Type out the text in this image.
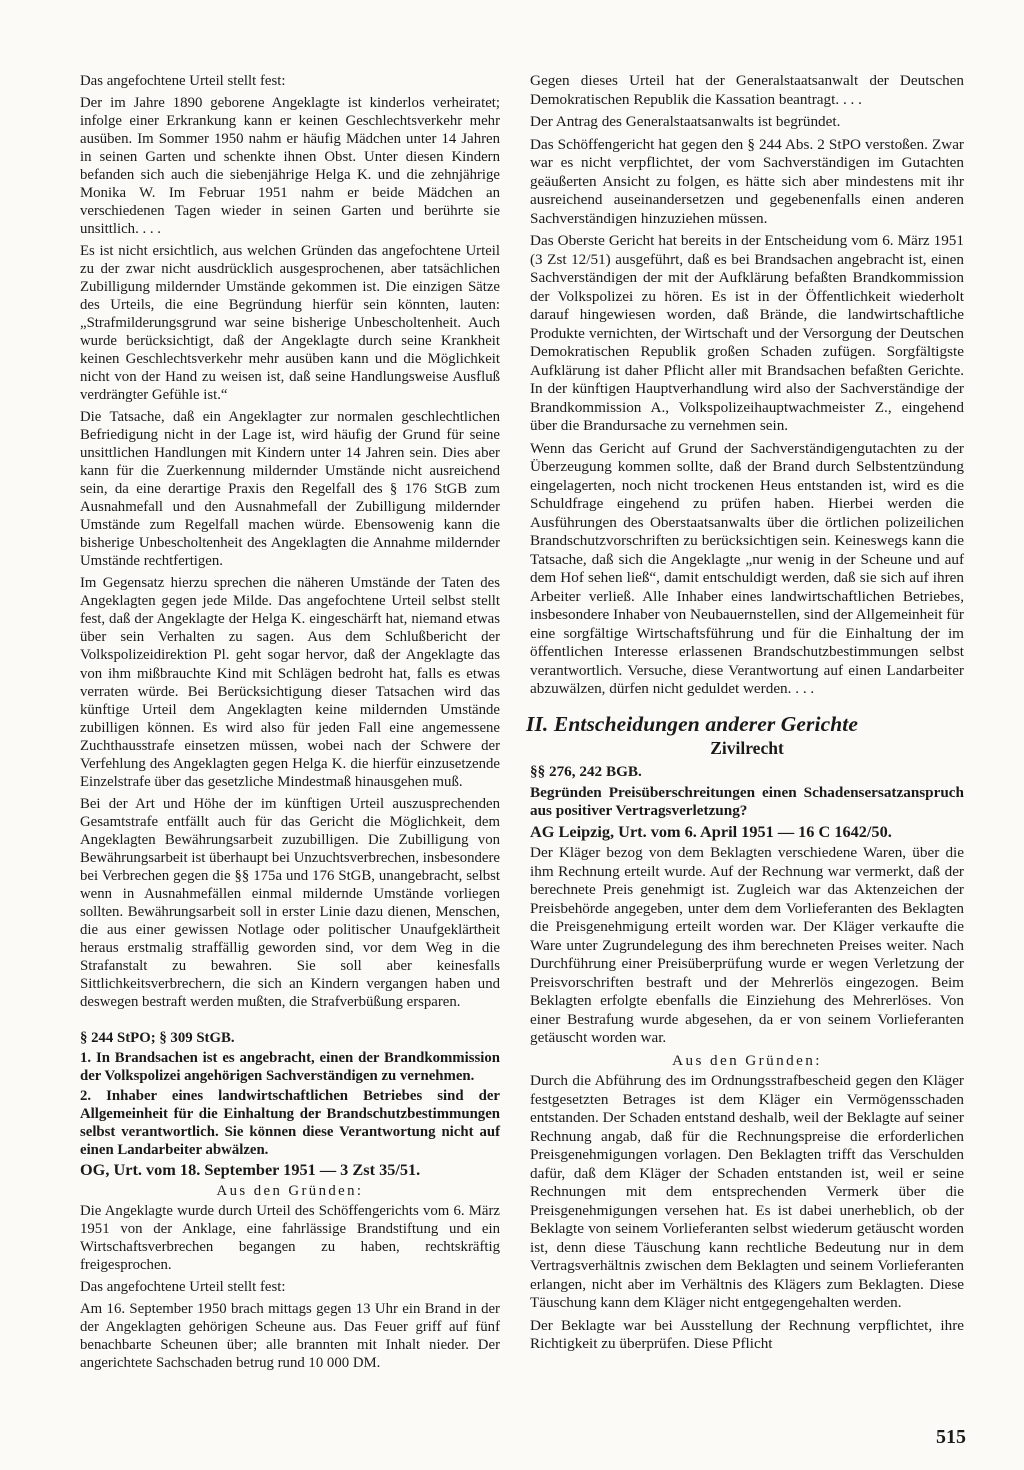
Das angefochtene Urteil stellt fest:

Der im Jahre 1890 geborene Angeklagte ist kinderlos verheiratet; infolge einer Erkrankung kann er keinen Geschlechtsverkehr mehr ausüben. Im Sommer 1950 nahm er häufig Mädchen unter 14 Jahren in seinen Garten und schenkte ihnen Obst. Unter diesen Kindern befanden sich auch die siebenjährige Helga K. und die zehnjährige Monika W. Im Februar 1951 nahm er beide Mädchen an verschiedenen Tagen wieder in seinen Garten und berührte sie unsittlich. . . .

Es ist nicht ersichtlich, aus welchen Gründen das angefochtene Urteil zu der zwar nicht ausdrücklich ausgesprochenen, aber tatsächlichen Zubilligung mildernder Umstände gekommen ist. Die einzigen Sätze des Urteils, die eine Begründung hierfür sein könnten, lauten: „Strafmilderungsgrund war seine bisherige Unbescholtenheit. Auch wurde berücksichtigt, daß der Angeklagte durch seine Krankheit keinen Geschlechtsverkehr mehr ausüben kann und die Möglichkeit nicht von der Hand zu weisen ist, daß seine Handlungsweise Ausfluß verdrängter Gefühle ist.“

Die Tatsache, daß ein Angeklagter zur normalen geschlechtlichen Befriedigung nicht in der Lage ist, wird häufig der Grund für seine unsittlichen Handlungen mit Kindern unter 14 Jahren sein. Dies aber kann für die Zuerkennung mildernder Umstände nicht ausreichend sein, da eine derartige Praxis den Regelfall des § 176 StGB zum Ausnahmefall und den Ausnahmefall der Zubilligung mildernder Umstände zum Regelfall machen würde. Ebensowenig kann die bisherige Unbescholtenheit des Angeklagten die Annahme mildernder Umstände rechtfertigen.

Im Gegensatz hierzu sprechen die näheren Umstände der Taten des Angeklagten gegen jede Milde. Das angefochtene Urteil selbst stellt fest, daß der Angeklagte der Helga K. eingeschärft hat, niemand etwas über sein Verhalten zu sagen. Aus dem Schlußbericht der Volkspolizeidirektion Pl. geht sogar hervor, daß der Angeklagte das von ihm mißbrauchte Kind mit Schlägen bedroht hat, falls es etwas verraten würde. Bei Berücksichtigung dieser Tatsachen wird das künftige Urteil dem Angeklagten keine mildernden Umstände zubilligen können. Es wird also für jeden Fall eine angemessene Zuchthausstrafe einsetzen müssen, wobei nach der Schwere der Verfehlung des Angeklagten gegen Helga K. die hierfür einzusetzende Einzelstrafe über das gesetzliche Mindestmaß hinausgehen muß.

Bei der Art und Höhe der im künftigen Urteil auszusprechenden Gesamtstrafe entfällt auch für das Gericht die Möglichkeit, dem Angeklagten Bewährungsarbeit zuzubilligen. Die Zubilligung von Bewährungsarbeit ist überhaupt bei Unzuchtsverbrechen, insbesondere bei Verbrechen gegen die §§ 175a und 176 StGB, unangebracht, selbst wenn in Ausnahmefällen einmal mildernde Umstände vorliegen sollten. Bewährungsarbeit soll in erster Linie dazu dienen, Menschen, die aus einer gewissen Notlage oder politischer Unaufgeklärtheit heraus erstmalig straffällig geworden sind, vor dem Weg in die Strafanstalt zu bewahren. Sie soll aber keinesfalls Sittlichkeitsverbrechern, die sich an Kindern vergangen haben und deswegen bestraft werden mußten, die Strafverbüßung ersparen.

§ 244 StPO; § 309 StGB.

1. In Brandsachen ist es angebracht, einen der Brandkommission der Volkspolizei angehörigen Sachverständigen zu vernehmen.

2. Inhaber eines landwirtschaftlichen Betriebes sind der Allgemeinheit für die Einhaltung der Brandschutzbestimmungen selbst verantwortlich. Sie können diese Verantwortung nicht auf einen Landarbeiter abwälzen.

OG, Urt. vom 18. September 1951 — 3 Zst 35/51.

Aus den Gründen:

Die Angeklagte wurde durch Urteil des Schöffengerichts vom 6. März 1951 von der Anklage, eine fahrlässige Brandstiftung und ein Wirtschaftsverbrechen begangen zu haben, rechtskräftig freigesprochen.

Das angefochtene Urteil stellt fest:

Am 16. September 1950 brach mittags gegen 13 Uhr ein Brand in der der Angeklagten gehörigen Scheune aus. Das Feuer griff auf fünf benachbarte Scheunen über; alle brannten mit Inhalt nieder. Der angerichtete Sachschaden betrug rund 10 000 DM.

Gegen dieses Urteil hat der Generalstaatsanwalt der Deutschen Demokratischen Republik die Kassation beantragt. . . .

Der Antrag des Generalstaatsanwalts ist begründet.

Das Schöffengericht hat gegen den § 244 Abs. 2 StPO verstoßen. Zwar war es nicht verpflichtet, der vom Sachverständigen im Gutachten geäußerten Ansicht zu folgen, es hätte sich aber mindestens mit ihr ausreichend auseinandersetzen und gegebenenfalls einen anderen Sachverständigen hinzuziehen müssen.

Das Oberste Gericht hat bereits in der Entscheidung vom 6. März 1951 (3 Zst 12/51) ausgeführt, daß es bei Brandsachen angebracht ist, einen Sachverständigen der mit der Aufklärung befaßten Brandkommission der Volkspolizei zu hören. Es ist in der Öffentlichkeit wiederholt darauf hingewiesen worden, daß Brände, die landwirtschaftliche Produkte vernichten, der Wirtschaft und der Versorgung der Deutschen Demokratischen Republik großen Schaden zufügen. Sorgfältigste Aufklärung ist daher Pflicht aller mit Brandsachen befaßten Gerichte. In der künftigen Hauptverhandlung wird also der Sachverständige der Brandkommission A., Volkspolizeihauptwachmeister Z., eingehend über die Brandursache zu vernehmen sein.

Wenn das Gericht auf Grund der Sachverständigengutachten zu der Überzeugung kommen sollte, daß der Brand durch Selbstentzündung eingelagerten, noch nicht trockenen Heus entstanden ist, wird es die Schuldfrage eingehend zu prüfen haben. Hierbei werden die Ausführungen des Oberstaatsanwalts über die örtlichen polizeilichen Brandschutzvorschriften zu berücksichtigen sein. Keineswegs kann die Tatsache, daß sich die Angeklagte „nur wenig in der Scheune und auf dem Hof sehen ließ“, damit entschuldigt werden, daß sie sich auf ihren Arbeiter verließ. Alle Inhaber eines landwirtschaftlichen Betriebes, insbesondere Inhaber von Neubauernstellen, sind der Allgemeinheit für eine sorgfältige Wirtschaftsführung und für die Einhaltung der im öffentlichen Interesse erlassenen Brandschutzbestimmungen selbst verantwortlich. Versuche, diese Verantwortung auf einen Landarbeiter abzuwälzen, dürfen nicht geduldet werden. . . .

II. Entscheidungen anderer Gerichte
Zivilrecht

§§ 276, 242 BGB.

Begründen Preisüberschreitungen einen Schadensersatzanspruch aus positiver Vertragsverletzung?

AG Leipzig, Urt. vom 6. April 1951 — 16 C 1642/50.

Der Kläger bezog von dem Beklagten verschiedene Waren, über die ihm Rechnung erteilt wurde. Auf der Rechnung war vermerkt, daß der berechnete Preis genehmigt ist. Zugleich war das Aktenzeichen der Preisbehörde angegeben, unter dem dem Vorlieferanten des Beklagten die Preisgenehmigung erteilt worden war. Der Kläger verkaufte die Ware unter Zugrundelegung des ihm berechneten Preises weiter. Nach Durchführung einer Preisüberprüfung wurde er wegen Verletzung der Preisvorschriften bestraft und der Mehrerlös eingezogen. Beim Beklagten erfolgte ebenfalls die Einziehung des Mehrerlöses. Von einer Bestrafung wurde abgesehen, da er von seinem Vorlieferanten getäuscht worden war.

Aus den Gründen:

Durch die Abführung des im Ordnungsstrafbescheid gegen den Kläger festgesetzten Betrages ist dem Kläger ein Vermögensschaden entstanden. Der Schaden entstand deshalb, weil der Beklagte auf seiner Rechnung angab, daß für die Rechnungspreise die erforderlichen Preisgenehmigungen vorlagen. Den Beklagten trifft das Verschulden dafür, daß dem Kläger der Schaden entstanden ist, weil er seine Rechnungen mit dem entsprechenden Vermerk über die Preisgenehmigungen versehen hat. Es ist dabei unerheblich, ob der Beklagte von seinem Vorlieferanten selbst wiederum getäuscht worden ist, denn diese Täuschung kann rechtliche Bedeutung nur in dem Vertragsverhältnis zwischen dem Beklagten und seinem Vorlieferanten erlangen, nicht aber im Verhältnis des Klägers zum Beklagten. Diese Täuschung kann dem Kläger nicht entgegengehalten werden.

Der Beklagte war bei Ausstellung der Rechnung verpflichtet, ihre Richtigkeit zu überprüfen. Diese Pflicht

515
